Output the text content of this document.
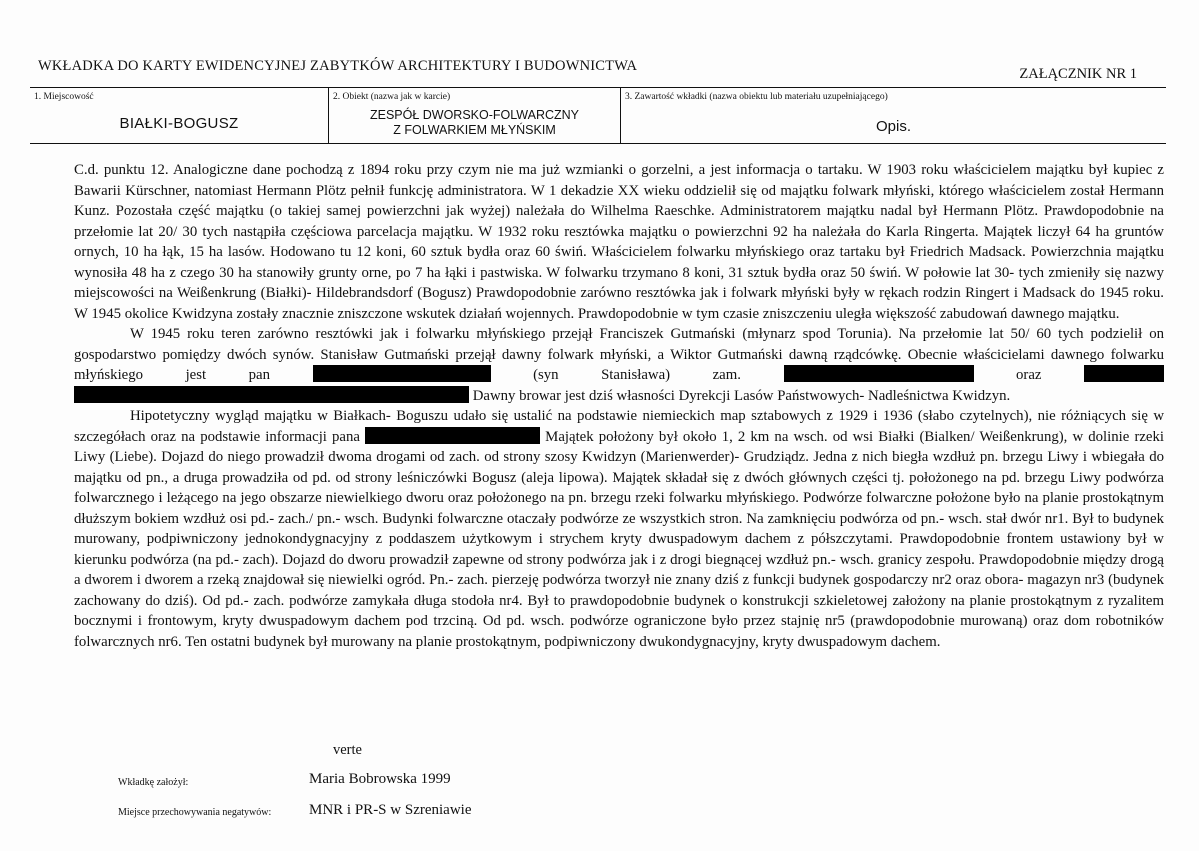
WKŁADKA DO KARTY EWIDENCYJNEJ ZABYTKÓW ARCHITEKTURY I BUDOWNICTWA	ZAŁĄCZNIK NR 1
1. Miejscowość
BIAŁKI-BOGUSZ
2. Obiekt (nazwa jak w karcie)
ZESPÓŁ DWORSKO-FOLWARCZNY
Z FOLWARKIEM MŁYŃSKIM
3. Zawartość wkładki (nazwa obiektu lub materiału uzupełniającego)
Opis.

C.d. punktu 12. Analogiczne dane pochodzą z 1894 roku przy czym nie ma już wzmianki o gorzelni, a jest informacja o tartaku. W 1903 roku właścicielem majątku był kupiec z Bawarii Kürschner, natomiast Hermann Plötz pełnił funkcję administratora. W 1 dekadzie XX wieku oddzielił się od majątku folwark młyński, którego właścicielem został Hermann Kunz. Pozostała część majątku (o takiej samej powierzchni jak wyżej) należała do Wilhelma Raeschke. Administratorem majątku nadal był Hermann Plötz. Prawdopodobnie na przełomie lat 20/ 30 tych nastąpiła częściowa parcelacja majątku. W 1932 roku resztówka majątku o powierzchni 92 ha należała do Karla Ringerta. Majątek liczył 64 ha gruntów ornych, 10 ha łąk, 15 ha lasów. Hodowano tu 12 koni, 60 sztuk bydła oraz 60 świń. Właścicielem folwarku młyńskiego oraz tartaku był Friedrich Madsack. Powierzchnia majątku wynosiła 48 ha z czego 30 ha stanowiły grunty orne, po 7 ha łąki i pastwiska. W folwarku trzymano 8 koni, 31 sztuk bydła oraz 50 świń. W połowie lat 30- tych zmieniły się nazwy miejscowości na Weißenkrung (Białki)- Hildebrandsdorf (Bogusz) Prawdopodobnie zarówno resztówka jak i folwark młyński były w rękach rodzin Ringert i Madsack do 1945 roku. W 1945 okolice Kwidzyna zostały znacznie zniszczone wskutek działań wojennych. Prawdopodobnie w tym czasie zniszczeniu uległa większość zabudowań dawnego majątku.

W 1945 roku teren zarówno resztówki jak i folwarku młyńskiego przejął Franciszek Gutmański (młynarz spod Torunia). Na przełomie lat 50/ 60 tych podzielił on gospodarstwo pomiędzy dwóch synów. Stanisław Gutmański przejął dawny folwark młyński, a Wiktor Gutmański dawną rządcówkę. Obecnie właścicielami dawnego folwarku młyńskiego jest pan	(syn Stanisława) zam.	oraz   Dawny browar jest dziś własności Dyrekcji Lasów Państwowych- Nadleśnictwa Kwidzyn.

Hipotetyczny wygląd majątku w Białkach- Boguszu udało się ustalić na podstawie niemieckich map sztabowych z 1929 i 1936 (słabo czytelnych), nie różniących się w szczegółach oraz na podstawie informacji pana	Majątek położony był około 1, 2 km na wsch. od wsi Białki (Bialken/ Weißenkrung), w dolinie rzeki Liwy (Liebe). Dojazd do niego prowadził dwoma drogami od zach. od strony szosy Kwidzyn (Marienwerder)- Grudziądz. Jedna z nich biegła wzdłuż pn. brzegu Liwy i wbiegała do majątku od pn., a druga prowadziła od pd. od strony leśniczówki Bogusz (aleja lipowa). Majątek składał się z dwóch głównych części tj. położonego na pd. brzegu Liwy podwórza folwarcznego i leżącego na jego obszarze niewielkiego dworu oraz położonego na pn. brzegu rzeki folwarku młyńskiego. Podwórze folwarczne położone było na planie prostokątnym dłuższym bokiem wzdłuż osi pd.- zach./ pn.- wsch. Budynki folwarczne otaczały podwórze ze wszystkich stron. Na zamknięciu podwórza od pn.- wsch. stał dwór nr1. Był to budynek murowany, podpiwniczony jednokondygnacyjny z poddaszem użytkowym i strychem kryty dwuspadowym dachem z półszczytami. Prawdopodobnie frontem ustawiony był w kierunku podwórza (na pd.- zach). Dojazd do dworu prowadził zapewne od strony podwórza jak i z drogi biegnącej wzdłuż pn.- wsch. granicy zespołu. Prawdopodobnie między drogą a dworem i dworem a rzeką znajdował się niewielki ogród. Pn.- zach. pierzeję podwórza tworzył nie znany dziś z funkcji budynek gospodarczy nr2 oraz obora- magazyn nr3 (budynek zachowany do dziś). Od pd.- zach. podwórze zamykała długa stodoła nr4. Był to prawdopodobnie budynek o konstrukcji szkieletowej założony na planie prostokątnym z ryzalitem bocznymi i frontowym, kryty dwuspadowym dachem pod trzciną. Od pd. wsch. podwórze ograniczone było przez stajnię nr5 (prawdopodobnie murowaną) oraz dom robotników folwarcznych nr6. Ten ostatni budynek był murowany na planie prostokątnym, podpiwniczony dwukondygnacyjny, kryty dwuspadowym dachem.

verte
Wkładkę założył:	Maria Bobrowska 1999
Miejsce przechowywania negatywów:	MNR i PR-S w Szreniawie
